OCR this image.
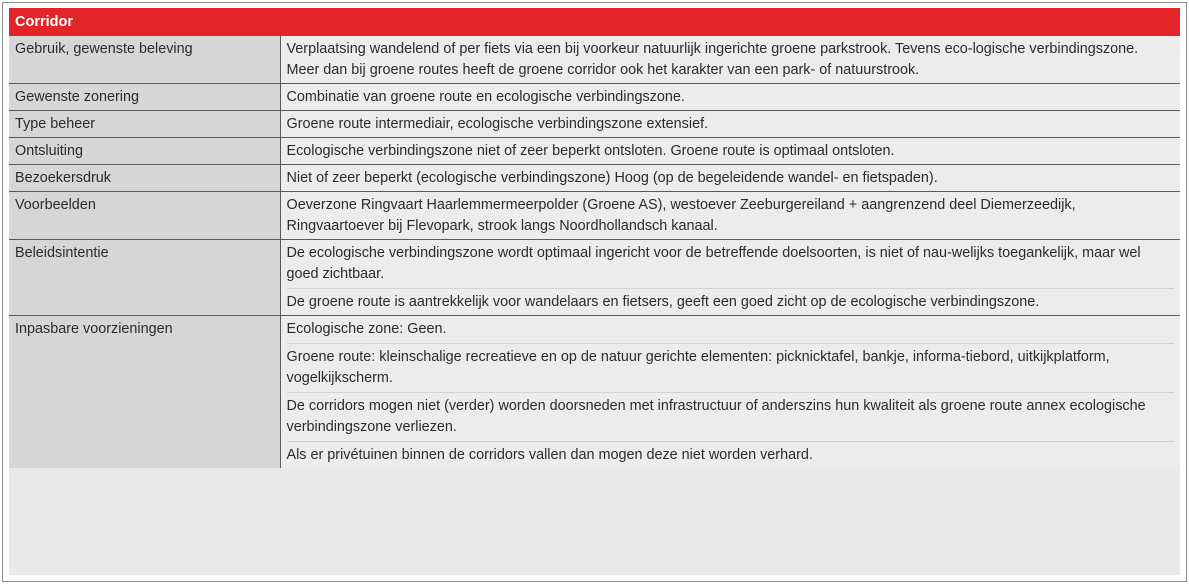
Corridor	
Gebruik, gewenste beleving	Verplaatsing wandelend of per fiets via een bij voorkeur natuurlijk ingerichte groene parkstrook. Tevens eco-logische verbindingszone. Meer dan bij groene routes heeft de groene corridor ook het karakter van een park- of natuurstrook.

Gewenste zonering	Combinatie van groene route en ecologische verbindingszone.

Type beheer	Groene route intermediair, ecologische verbindingszone extensief.

Ontsluiting	Ecologische verbindingszone niet of zeer beperkt ontsloten. Groene route is optimaal ontsloten.

Bezoekersdruk	Niet of zeer beperkt (ecologische verbindingszone) Hoog (op de begeleidende wandel- en fietspaden).

Voorbeelden	Oeverzone Ringvaart Haarlemmermeerpolder (Groene AS), westoever Zeeburgereiland + aangrenzend deel Diemerzeedijk, Ringvaartoever bij Flevopark, strook langs Noordhollandsch kanaal.

Beleidsintentie	De ecologische verbindingszone wordt optimaal ingericht voor de betreffende doelsoorten, is niet of nau-welijks toegankelijk, maar wel goed zichtbaar.
De groene route is aantrekkelijk voor wandelaars en fietsers, geeft een goed zicht op de ecologische verbindingszone.

Inpasbare voorzieningen	Ecologische zone: Geen.
Groene route: kleinschalige recreatieve en op de natuur gerichte elementen: picknicktafel, bankje, informa-tiebord, uitkijkplatform, vogelkijkscherm.
De corridors mogen niet (verder) worden doorsneden met infrastructuur of anderszins hun kwaliteit als groene route annex ecologische verbindingszone verliezen.
Als er privétuinen binnen de corridors vallen dan mogen deze niet worden verhard.
